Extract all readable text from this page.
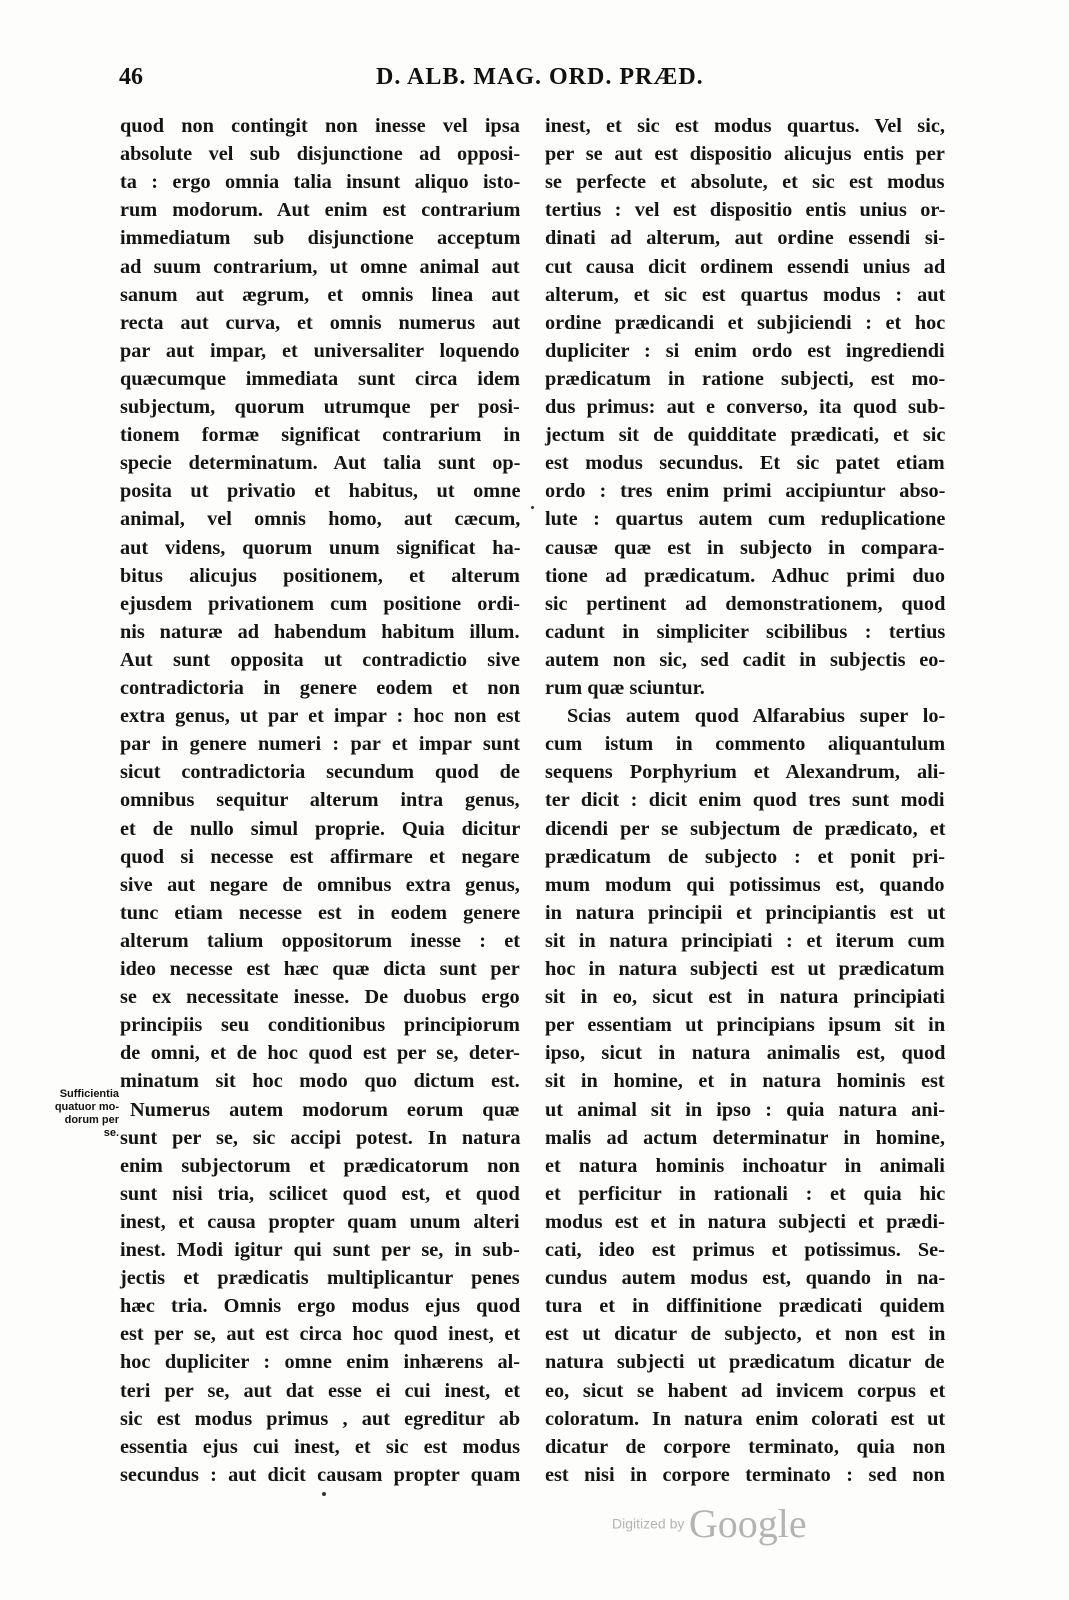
46	D. ALB. MAG. ORD. PRÆD.
quod non contingit non inesse vel ipsa
absolute vel sub disjunctione ad opposi-
ta : ergo omnia talia insunt aliquo isto-
rum modorum. Aut enim est contrarium
immediatum sub disjunctione acceptum
ad suum contrarium, ut omne animal aut
sanum aut ægrum, et omnis linea aut
recta aut curva, et omnis numerus aut
par aut impar, et universaliter loquendo
quæcumque immediata sunt circa idem
subjectum, quorum utrumque per posi-
tionem formæ significat contrarium in
specie determinatum. Aut talia sunt op-
posita ut privatio et habitus, ut omne
animal, vel omnis homo, aut cæcum,
aut videns, quorum unum significat ha-
bitus alicujus positionem, et alterum
ejusdem privationem cum positione ordi-
nis naturæ ad habendum habitum illum.
Aut sunt opposita ut contradictio sive
contradictoria in genere eodem et non
extra genus, ut par et impar : hoc non est
par in genere numeri : par et impar sunt
sicut contradictoria secundum quod de
omnibus sequitur alterum intra genus,
et de nullo simul proprie. Quia dicitur
quod si necesse est affirmare et negare
sive aut negare de omnibus extra genus,
tunc etiam necesse est in eodem genere
alterum talium oppositorum inesse : et
ideo necesse est hæc quæ dicta sunt per
se ex necessitate inesse. De duobus ergo
principiis seu conditionibus principiorum
de omni, et de hoc quod est per se, deter-
minatum sit hoc modo quo dictum est.
Numerus autem modorum eorum quæ
sunt per se, sic accipi potest. In natura
enim subjectorum et prædicatorum non
sunt nisi tria, scilicet quod est, et quod
inest, et causa propter quam unum alteri
inest. Modi igitur qui sunt per se, in sub-
jectis et prædicatis multiplicantur penes
hæc tria. Omnis ergo modus ejus quod
est per se, aut est circa hoc quod inest, et
hoc dupliciter : omne enim inhærens al-
teri per se, aut dat esse ei cui inest, et
sic est modus primus , aut egreditur ab
essentia ejus cui inest, et sic est modus
secundus : aut dicit causam propter quam
inest, et sic est modus quartus. Vel sic,
per se aut est dispositio alicujus entis per
se perfecte et absolute, et sic est modus
tertius : vel est dispositio entis unius or-
dinati ad alterum, aut ordine essendi si-
cut causa dicit ordinem essendi unius ad
alterum, et sic est quartus modus : aut
ordine prædicandi et subjiciendi : et hoc
dupliciter : si enim ordo est ingrediendi
prædicatum in ratione subjecti, est mo-
dus primus: aut e converso, ita quod sub-
jectum sit de quidditate prædicati, et sic
est modus secundus. Et sic patet etiam
ordo : tres enim primi accipiuntur abso-
lute : quartus autem cum reduplicatione
causæ quæ est in subjecto in compara-
tione ad prædicatum. Adhuc primi duo
sic pertinent ad demonstrationem, quod
cadunt in simpliciter scibilibus : tertius
autem non sic, sed cadit in subjectis eo-
rum quæ sciuntur.
Scias autem quod Alfarabius super lo-
cum istum in commento aliquantulum
sequens Porphyrium et Alexandrum, ali-
ter dicit : dicit enim quod tres sunt modi
dicendi per se subjectum de prædicato, et
prædicatum de subjecto : et ponit pri-
mum modum qui potissimus est, quando
in natura principii et principiantis est ut
sit in natura principiati : et iterum cum
hoc in natura subjecti est ut prædicatum
sit in eo, sicut est in natura principiati
per essentiam ut principians ipsum sit in
ipso, sicut in natura animalis est, quod
sit in homine, et in natura hominis est
ut animal sit in ipso : quia natura ani-
malis ad actum determinatur in homine,
et natura hominis inchoatur in animali
et perficitur in rationali : et quia hic
modus est et in natura subjecti et prædi-
cati, ideo est primus et potissimus. Se-
cundus autem modus est, quando in na-
tura et in diffinitione prædicati quidem
est ut dicatur de subjecto, et non est in
natura subjecti ut prædicatum dicatur de
eo, sicut se habent ad invicem corpus et
coloratum. In natura enim colorati est ut
dicatur de corpore terminato, quia non
est nisi in corpore terminato : sed non
Sufficientia
quatuor mo-
dorum per
se.
Digitized by Google
